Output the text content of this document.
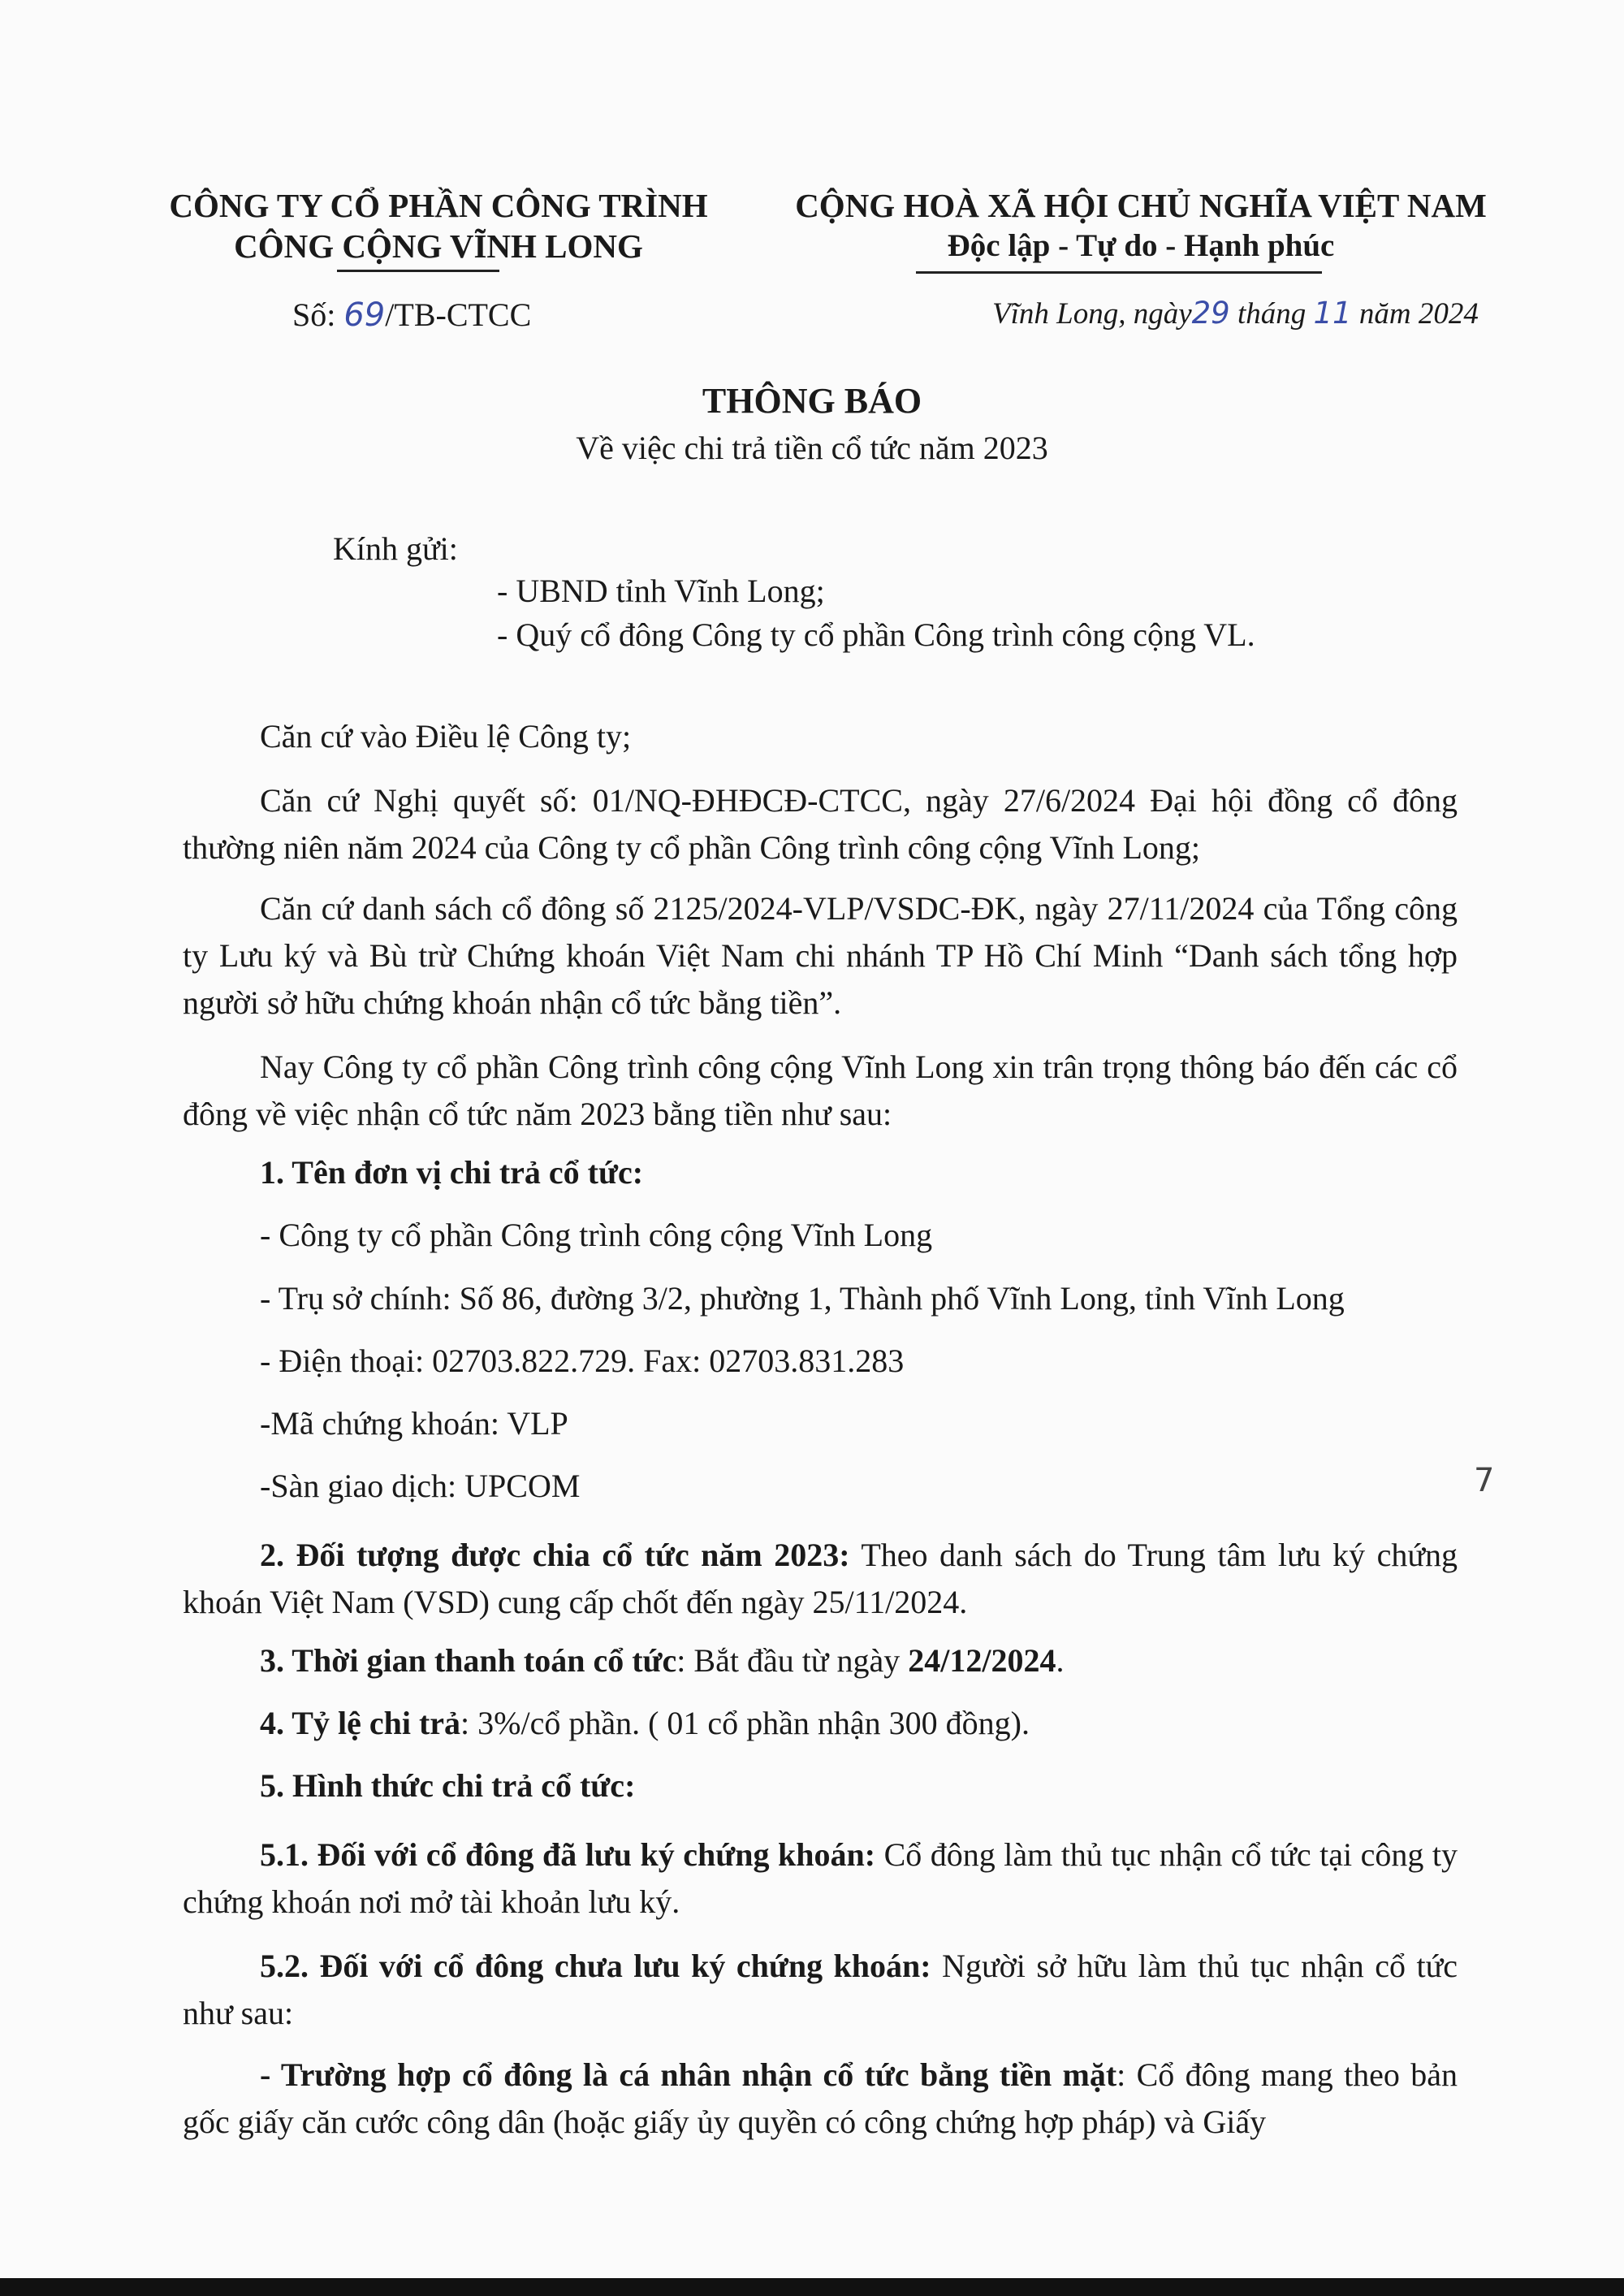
CÔNG TY CỔ PHẦN CÔNG TRÌNH
CÔNG CỘNG VĨNH LONG
CỘNG HOÀ XÃ HỘI CHỦ NGHĨA VIỆT NAM
Độc lập - Tự do - Hạnh phúc
Số: 69/TB-CTCC	Vĩnh Long, ngày29 tháng 11 năm 2024
THÔNG BÁO
Về việc chi trả tiền cổ tức năm 2023
Kính gửi:
- UBND tỉnh Vĩnh Long;
- Quý cổ đông Công ty cổ phần Công trình công cộng VL.
Căn cứ vào Điều lệ Công ty;
Căn cứ Nghị quyết số: 01/NQ-ĐHĐCĐ-CTCC, ngày 27/6/2024 Đại hội đồng cổ đông thường niên năm 2024 của Công ty cổ phần Công trình công cộng Vĩnh Long;
Căn cứ danh sách cổ đông số 2125/2024-VLP/VSDC-ĐK, ngày 27/11/2024 của Tổng công ty Lưu ký và Bù trừ Chứng khoán Việt Nam chi nhánh TP Hồ Chí Minh “Danh sách tổng hợp người sở hữu chứng khoán nhận cổ tức bằng tiền”.
Nay Công ty cổ phần Công trình công cộng Vĩnh Long xin trân trọng thông báo đến các cổ đông về việc nhận cổ tức năm 2023 bằng tiền như sau:
1. Tên đơn vị chi trả cổ tức:
- Công ty cổ phần Công trình công cộng Vĩnh Long
- Trụ sở chính: Số 86, đường 3/2, phường 1, Thành phố Vĩnh Long, tỉnh Vĩnh Long
- Điện thoại: 02703.822.729. Fax: 02703.831.283
-Mã chứng khoán: VLP
-Sàn giao dịch: UPCOM	7
2. Đối tượng được chia cổ tức năm 2023: Theo danh sách do Trung tâm lưu ký chứng khoán Việt Nam (VSD) cung cấp chốt đến ngày 25/11/2024.
3. Thời gian thanh toán cổ tức: Bắt đầu từ ngày 24/12/2024.
4. Tỷ lệ chi trả: 3%/cổ phần. ( 01 cổ phần nhận 300 đồng).
5. Hình thức chi trả cổ tức:
5.1. Đối với cổ đông đã lưu ký chứng khoán: Cổ đông làm thủ tục nhận cổ tức tại công ty chứng khoán nơi mở tài khoản lưu ký.
5.2. Đối với cổ đông chưa lưu ký chứng khoán: Người sở hữu làm thủ tục nhận cổ tức như sau:
- Trường hợp cổ đông là cá nhân nhận cổ tức bằng tiền mặt: Cổ đông mang theo bản gốc giấy căn cước công dân (hoặc giấy ủy quyền có công chứng hợp pháp) và Giấy
